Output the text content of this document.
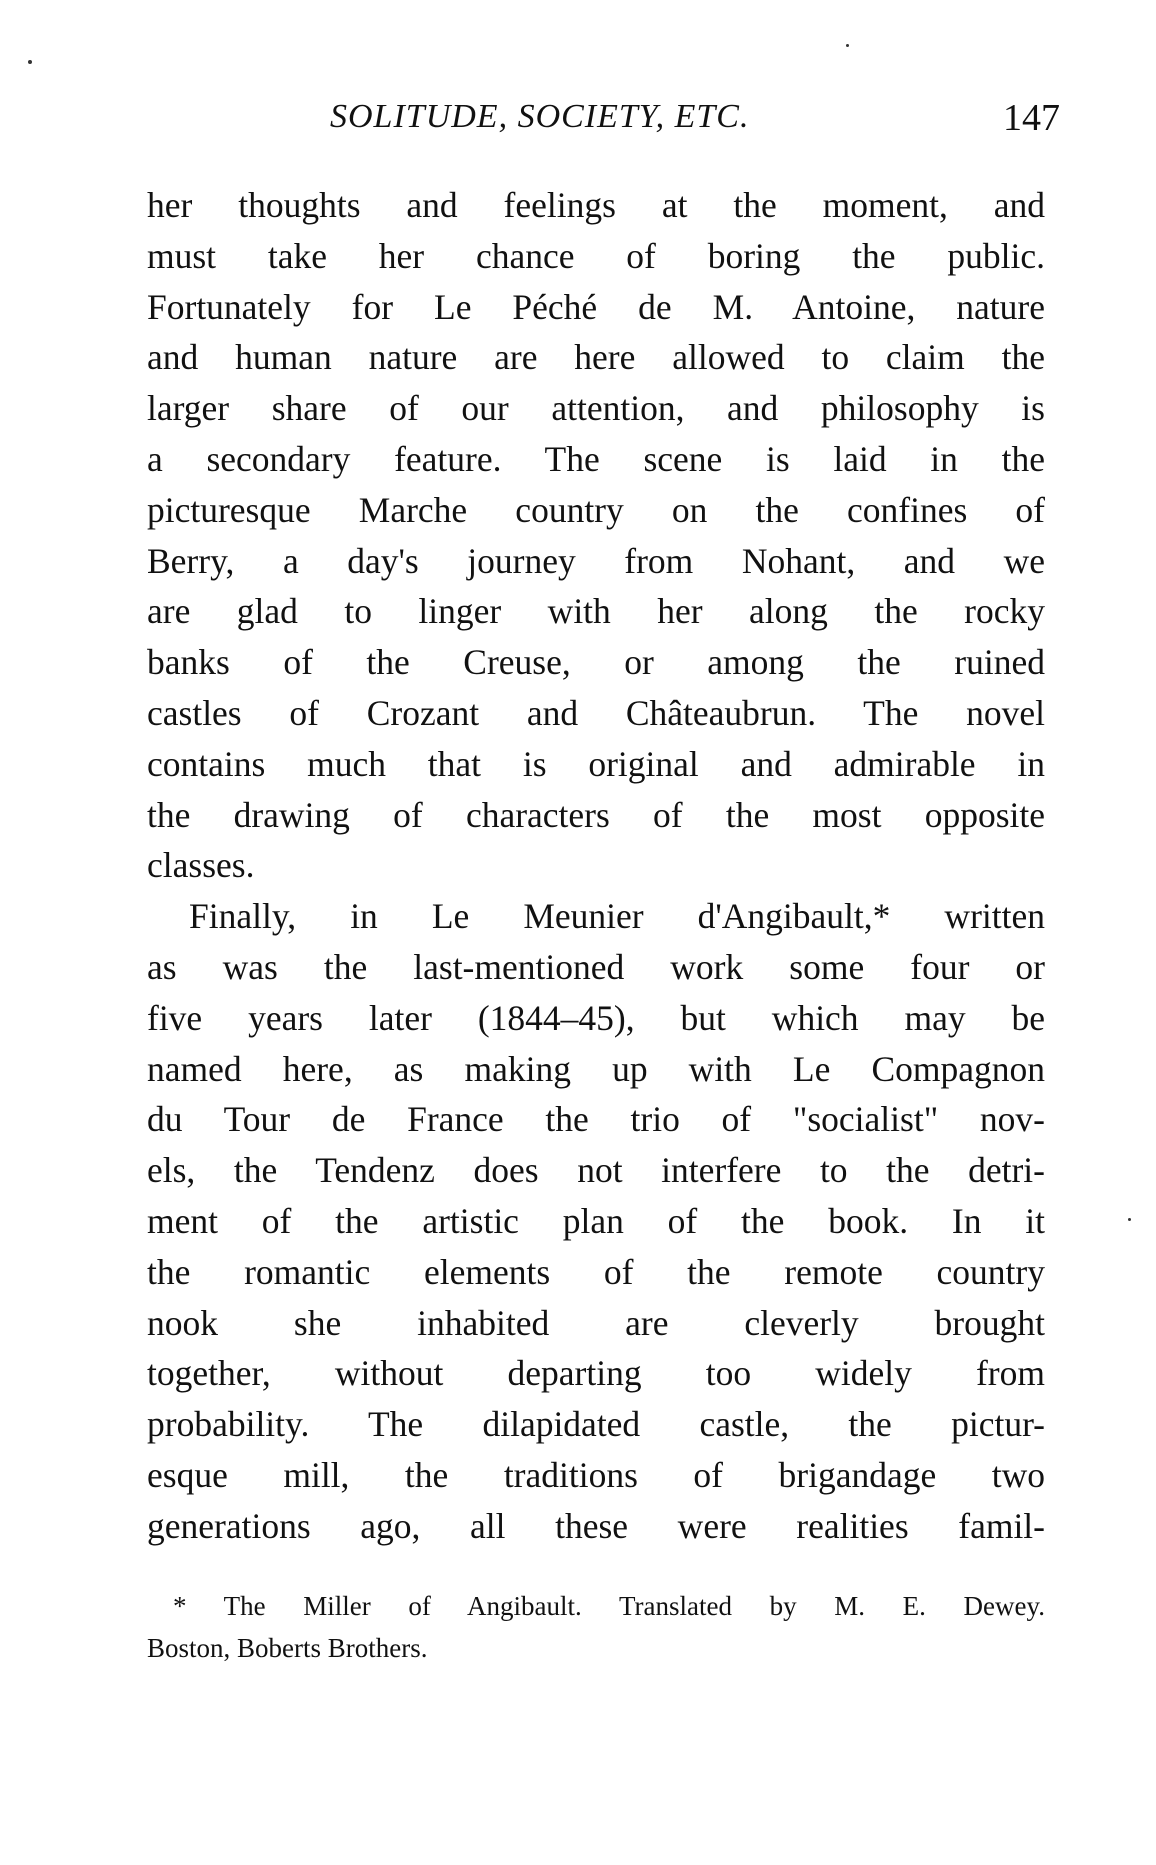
SOLITUDE, SOCIETY, ETC.	147
her thoughts and feelings at the moment, and
must take her chance of boring the public.
Fortunately for Le Péché de M. Antoine, nature
and human nature are here allowed to claim the
larger share of our attention, and philosophy is
a secondary feature. The scene is laid in the
picturesque Marche country on the confines of
Berry, a day's journey from Nohant, and we
are glad to linger with her along the rocky
banks of the Creuse, or among the ruined
castles of Crozant and Châteaubrun. The novel
contains much that is original and admirable in
the drawing of characters of the most opposite
classes.
Finally, in Le Meunier d'Angibault,* written
as was the last-mentioned work some four or
five years later (1844–45), but which may be
named here, as making up with Le Compagnon
du Tour de France the trio of "socialist" nov-
els, the Tendenz does not interfere to the detri-
ment of the artistic plan of the book. In it
the romantic elements of the remote country
nook she inhabited are cleverly brought
together, without departing too widely from
probability. The dilapidated castle, the pictur-
esque mill, the traditions of brigandage two
generations ago, all these were realities famil-
* The Miller of Angibault. Translated by M. E. Dewey.
Boston, Boberts Brothers.
